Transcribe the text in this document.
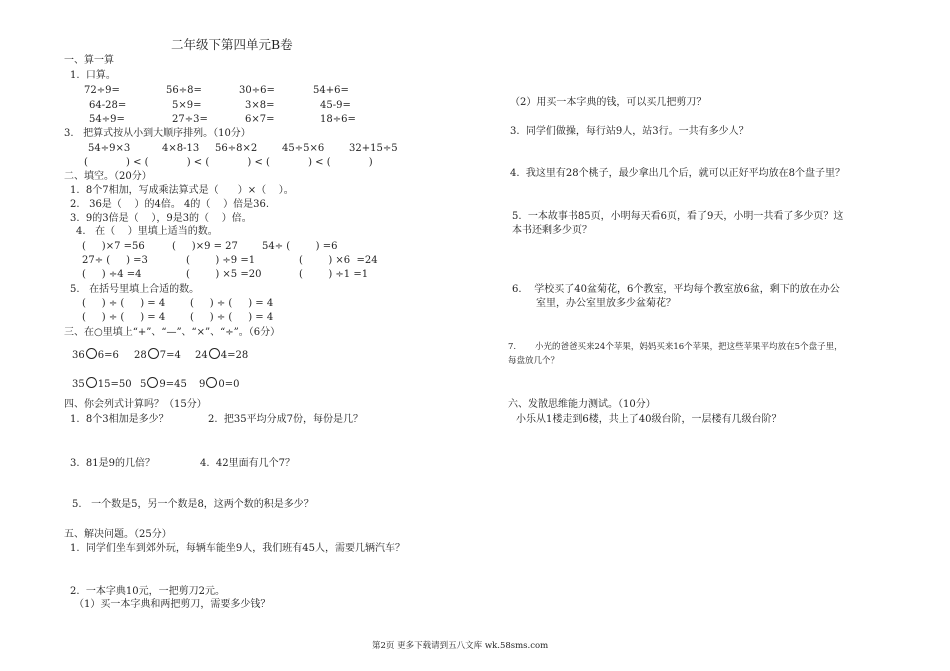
二年级下第四单元B卷
一、算一算
1.  口算。
72÷9=	56÷8=	30÷6=	54+6=
64-28=	5×9=	3×8=	45-9=
54÷9=	27÷3=	6×7=	18÷6=
3.   把算式按从小到大顺序排列。（10分）
54÷9×3	4×8-13 56÷8×2 45÷5×6 32+15÷5
(            ) < (            ) < (            ) < (            ) < (            )
二、填空。（20分）
1.  8个7相加，写成乘法算式是（      ）×（    ）。
2.   36是（    ）的4倍。 4的（    ）倍是36.
3.  9的3倍是（    ），9是3的（    ）倍。
4.   在（    ）里填上适当的数。
(     )×7 =56	(     )×9 = 27 54÷ (        ) =6
27÷ (     ) =3	(        ) ÷9 =1	(        ) ×6  =24
(     ) ÷4 =4	(        ) ×5 =20	(        ) ÷1 =1
5.   在括号里填上合适的数。
(     ) ÷ (     ) = 4 (     ) ÷ (     ) = 4
(     ) ÷ (     ) = 4 (     ) ÷ (     ) = 4
三、在○里填上“+”、“—”、“×”、“÷”。（6分）
36 6=6 28 7=4 24 4=28
35 15=50 5 9=45 9 0=0
四、你会列式计算吗？（15分）
1.  8个3相加是多少？	2.  把35平均分成7份，每份是几？
3.  81是9的几倍？	4.  42里面有几个7？
5.   一个数是5，另一个数是8，这两个数的积是多少？
五、解决问题。（25分）
1.  同学们坐车到郊外玩，每辆车能坐9人，我们班有45人，需要几辆汽车？
2.  一本字典10元，一把剪刀2元。
（1）买一本字典和两把剪刀，需要多少钱？
（2）用买一本字典的钱，可以买几把剪刀？
3.  同学们做操，每行站9人，站3行。一共有多少人？
4.  我这里有28个桃子，最少拿出几个后，就可以正好平均放在8个盘子里？
5.  一本故事书85页，小明每天看6页，看了9天，小明一共看了多少页？这
本书还剩多少页？
6.    学校买了40盆菊花，6个教室，平均每个教室放6盆，剩下的放在办公
室里，办公室里放多少盆菊花？
7.       小光的爸爸买来24个苹果，妈妈买来16个苹果，把这些苹果平均放在5个盘子里，
每盘放几个？
六、发散思维能力测试。（10分）
小乐从1楼走到6楼，共上了40级台阶，一层楼有几级台阶？
第2页 更多下载请到五八文库 wk.58sms.com
